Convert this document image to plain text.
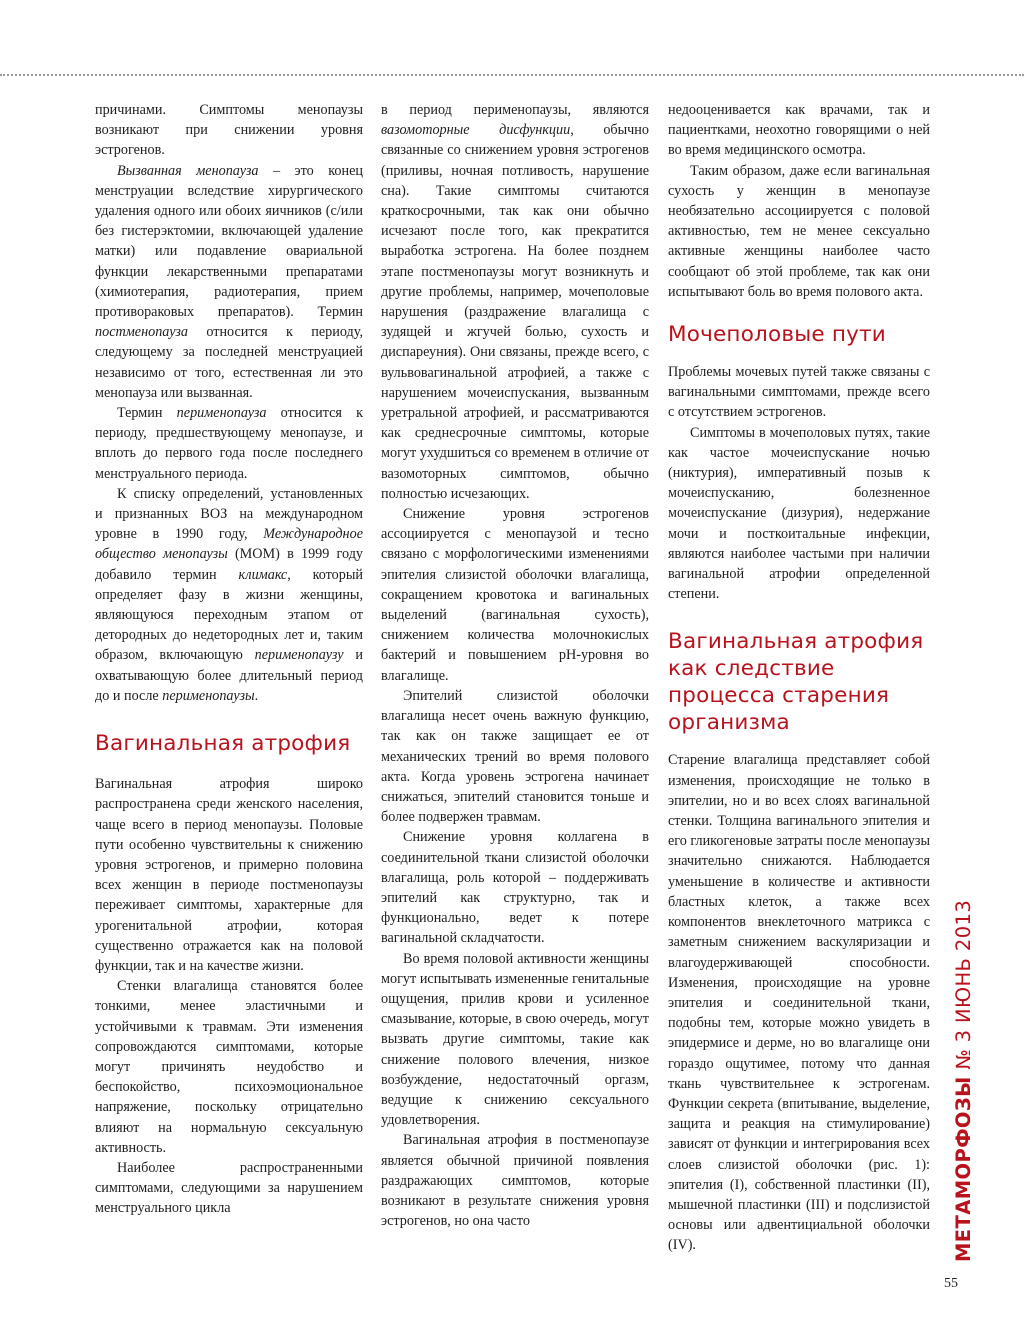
причинами. Симптомы менопаузы возникают при снижении уровня эстрогенов.

Вызванная менопауза – это конец менструации вследствие хирургического удаления одного или обоих яичников (с/или без гистерэктомии, включающей удаление матки) или подавление овариальной функции лекарственными препаратами (химиотерапия, радиотерапия, прием противораковых препаратов). Термин постменопауза относится к периоду, следующему за последней менструацией независимо от того, естественная ли это менопауза или вызванная.

Термин перименопауза относится к периоду, предшествующему менопаузе, и вплоть до первого года после последнего менструального периода.

К списку определений, установленных и признанных ВОЗ на международном уровне в 1990 году, Международное общество менопаузы (МОМ) в 1999 году добавило термин климакс, который определяет фазу в жизни женщины, являющуюся переходным этапом от детородных до недетородных лет и, таким образом, включающую перименопаузу и охватывающую более длительный период до и после перименопаузы.

Вагинальная атрофия

Вагинальная атрофия широко распространена среди женского населения, чаще всего в период менопаузы. Половые пути особенно чувствительны к снижению уровня эстрогенов, и примерно половина всех женщин в периоде постменопаузы переживает симптомы, характерные для урогенитальной атрофии, которая существенно отражается как на половой функции, так и на качестве жизни.

Стенки влагалища становятся более тонкими, менее эластичными и устойчивыми к травмам. Эти изменения сопровождаются симптомами, которые могут причинять неудобство и беспокойство, психоэмоциональное напряжение, поскольку отрицательно влияют на нормальную сексуальную активность.

Наиболее распространенными симптомами, следующими за нарушением менструального цикла

в период перименопаузы, являются вазомоторные дисфункции, обычно связанные со снижением уровня эстрогенов (приливы, ночная потливость, нарушение сна). Такие симптомы считаются краткосрочными, так как они обычно исчезают после того, как прекратится выработка эстрогена. На более позднем этапе постменопаузы могут возникнуть и другие проблемы, например, мочеполовые нарушения (раздражение влагалища с зудящей и жгучей болью, сухость и диспареуния). Они связаны, прежде всего, с вульвовагинальной атрофией, а также с нарушением мочеиспускания, вызванным уретральной атрофией, и рассматриваются как среднесрочные симптомы, которые могут ухудшиться со временем в отличие от вазомоторных симптомов, обычно полностью исчезающих.

Снижение уровня эстрогенов ассоциируется с менопаузой и тесно связано с морфологическими изменениями эпителия слизистой оболочки влагалища, сокращением кровотока и вагинальных выделений (вагинальная сухость), снижением количества молочнокислых бактерий и повышением pH-уровня во влагалище.

Эпителий слизистой оболочки влагалища несет очень важную функцию, так как он также защищает ее от механических трений во время полового акта. Когда уровень эстрогена начинает снижаться, эпителий становится тоньше и более подвержен травмам.

Снижение уровня коллагена в соединительной ткани слизистой оболочки влагалища, роль которой – поддерживать эпителий как структурно, так и функционально, ведет к потере вагинальной складчатости.

Во время половой активности женщины могут испытывать измененные генитальные ощущения, прилив крови и усиленное смазывание, которые, в свою очередь, могут вызвать другие симптомы, такие как снижение полового влечения, низкое возбуждение, недостаточный оргазм, ведущие к снижению сексуального удовлетворения.

Вагинальная атрофия в постменопаузе является обычной причиной появления раздражающих симптомов, которые возникают в результате снижения уровня эстрогенов, но она часто

недооценивается как врачами, так и пациентками, неохотно говорящими о ней во время медицинского осмотра.

Таким образом, даже если вагинальная сухость у женщин в менопаузе необязательно ассоциируется с половой активностью, тем не менее сексуально активные женщины наиболее часто сообщают об этой проблеме, так как они испытывают боль во время полового акта.

Мочеполовые пути

Проблемы мочевых путей также связаны с вагинальными симптомами, прежде всего с отсутствием эстрогенов.

Симптомы в мочеполовых путях, такие как частое мочеиспускание ночью (никтурия), императивный позыв к мочеиспусканию, болезненное мочеиспускание (дизурия), недержание мочи и посткоитальные инфекции, являются наиболее частыми при наличии вагинальной атрофии определенной степени.

Вагинальная атрофия
как следствие
процесса старения
организма

Старение влагалища представляет собой изменения, происходящие не только в эпителии, но и во всех слоях вагинальной стенки. Толщина вагинального эпителия и его гликогеновые затраты после менопаузы значительно снижаются. Наблюдается уменьшение в количестве и активности бластных клеток, а также всех компонентов внеклеточного матрикса с заметным снижением васкуляризации и влагоудерживающей способности. Изменения, происходящие на уровне эпителия и соединительной ткани, подобны тем, которые можно увидеть в эпидермисе и дерме, но во влагалище они гораздо ощутимее, потому что данная ткань чувствительнее к эстрогенам. Функции секрета (впитывание, выделение, защита и реакция на стимулирование) зависят от функции и интегрирования всех слоев слизистой оболочки (рис. 1): эпителия (I), собственной пластинки (II), мышечной пластинки (III) и подслизистой основы или адвентициальной оболочки (IV).	МЕТАМОРФОЗЫ № 3 ИЮНЬ 2013
55
